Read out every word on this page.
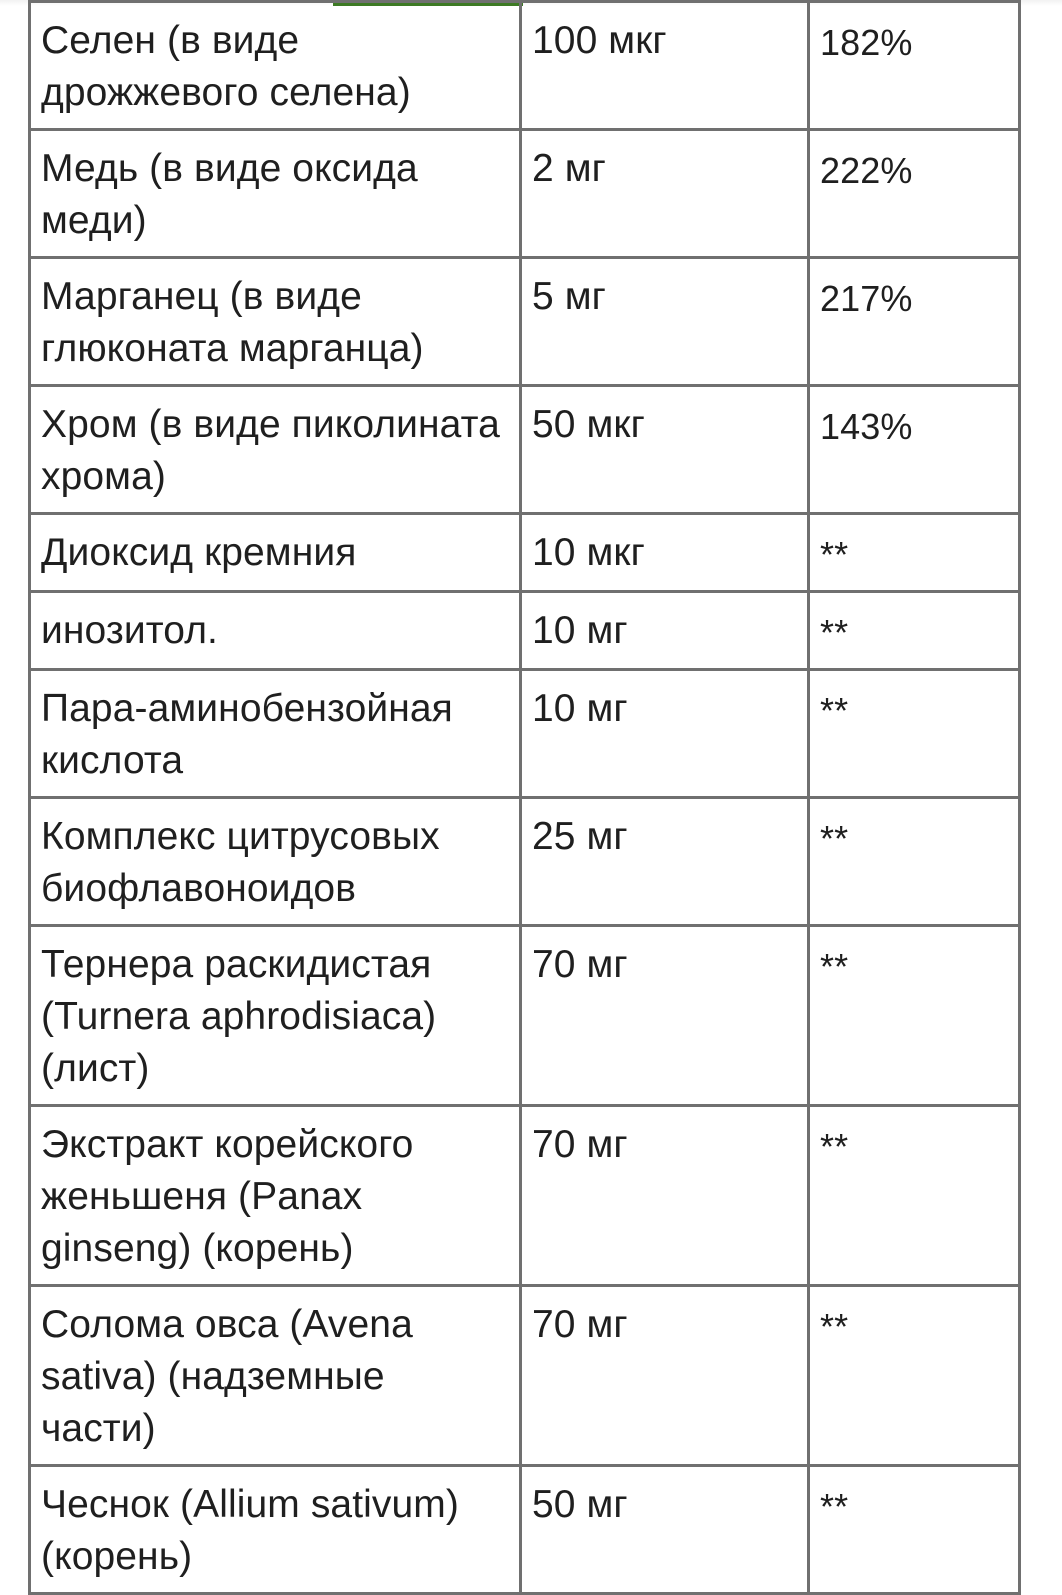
Селен (в виде дрожжевого селена)	100 мкг	182%
Медь (в виде оксида меди)	2 мг	222%
Марганец (в виде глюконата марганца)	5 мг	217%
Хром (в виде пиколината хрома)	50 мкг	143%
Диоксид кремния	10 мкг	**
инозитол.	10 мг	**
Пара-аминобензойная кислота	10 мг	**
Комплекс цитрусовых биофлавоноидов	25 мг	**
Тернера раскидистая (Turnera aphrodisiaca) (лист)	70 мг	**
Экстракт корейского женьшеня (Panax ginseng) (корень)	70 мг	**
Солома овса (Avena sativa) (надземные части)	70 мг	**
Чеснок (Allium sativum) (корень)	50 мг	**
